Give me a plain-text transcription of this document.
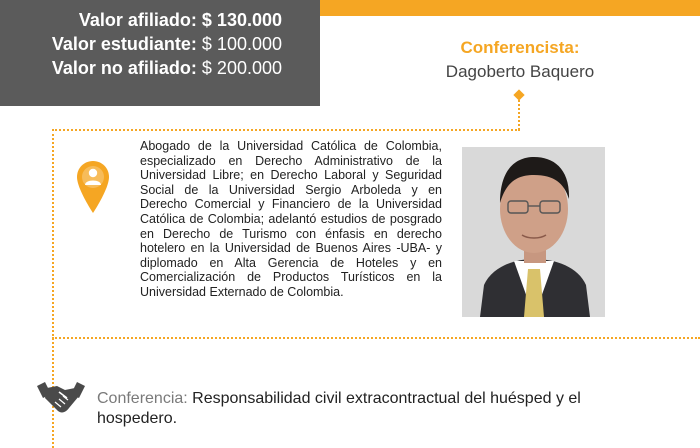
Valor afiliado: $ 130.000
Valor estudiante: $ 100.000
Valor no afiliado: $ 200.000
Conferencista:
Dagoberto Baquero
Abogado de la Universidad Católica de Colombia, especializado en Derecho Administrativo de la Universidad Libre; en Derecho Laboral y Seguridad Social de la Universidad Sergio Arboleda y en Derecho Comercial y Financiero de la Universidad Católica de Colombia; adelantó estudios de posgrado en Derecho de Turismo con énfasis en derecho hotelero en la Universidad de Buenos Aires -UBA- y diplomado en Alta Gerencia de Hoteles y en Comercialización de Productos Turísticos en la Universidad Externado de Colombia.
Conferencia: Responsabilidad civil extracontractual del huésped y el hospedero.
